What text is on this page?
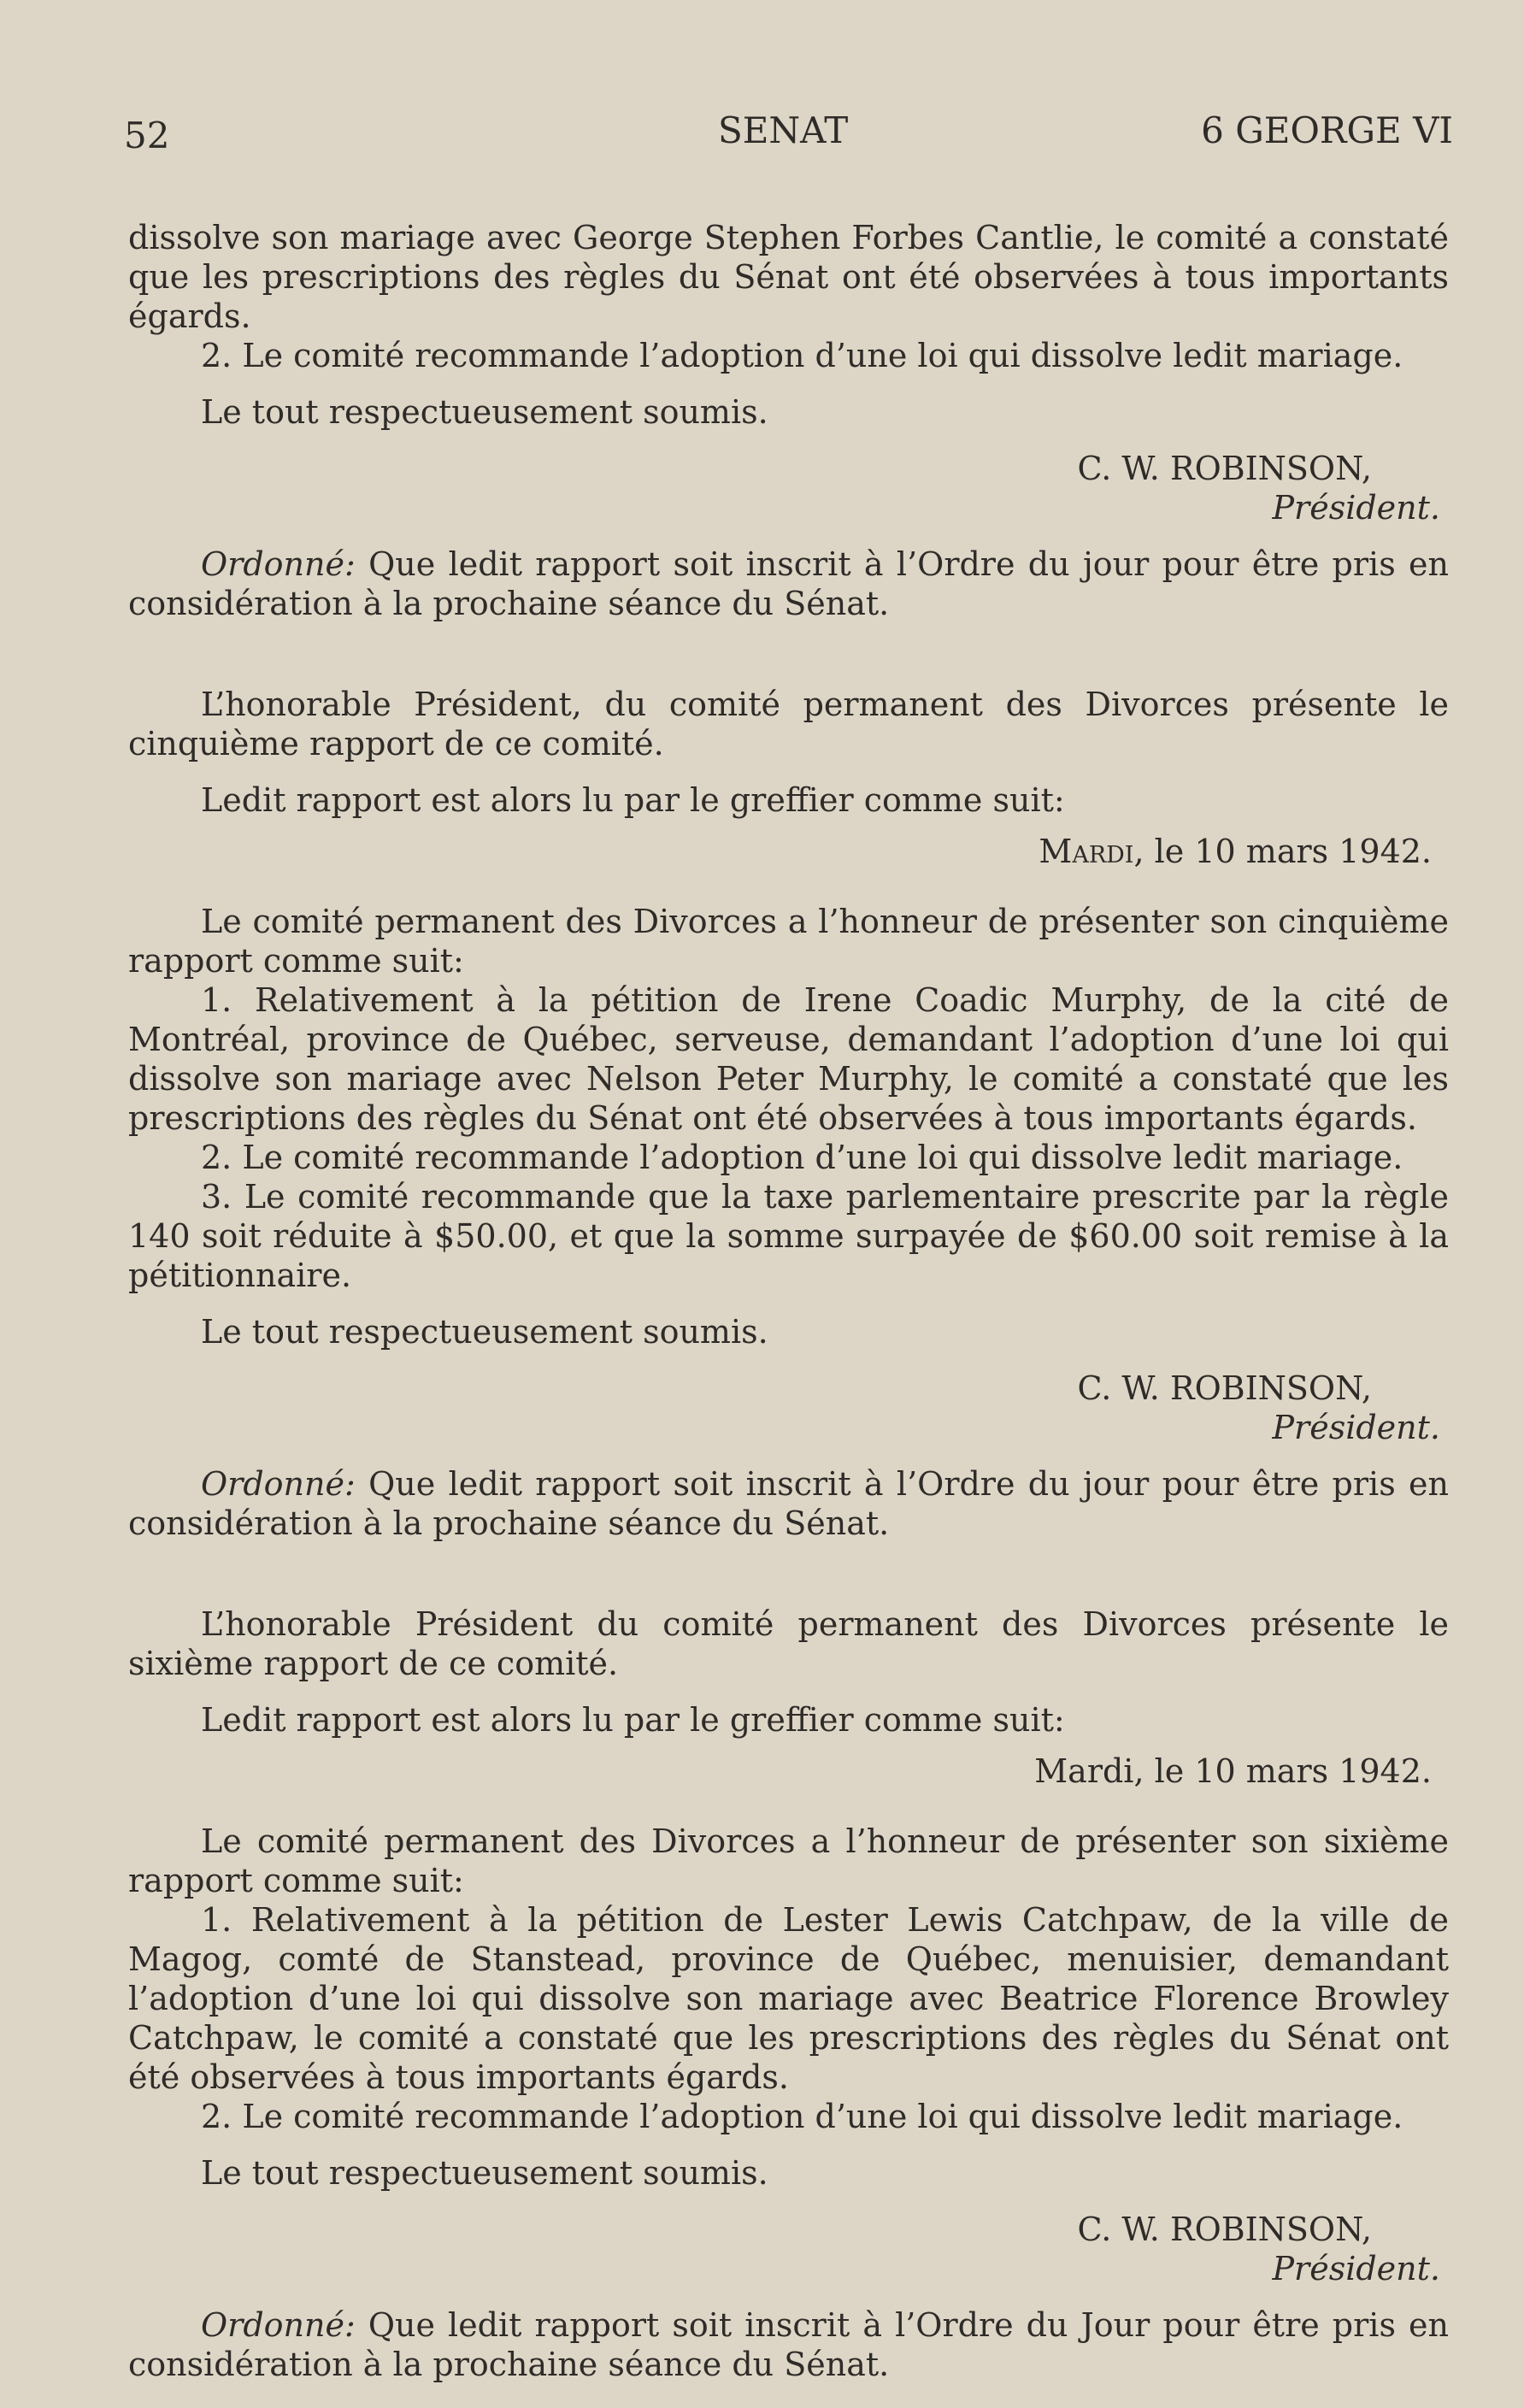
52	SENAT	6 GEORGE VI

dissolve son mariage avec George Stephen Forbes Cantlie, le comité a constaté que les prescriptions des règles du Sénat ont été observées à tous importants égards.

2. Le comité recommande l’adoption d’une loi qui dissolve ledit mariage.

Le tout respectueusement soumis.

C. W. ROBINSON,

Président.

Ordonné: Que ledit rapport soit inscrit à l’Ordre du jour pour être pris en considération à la prochaine séance du Sénat.

L’honorable Président, du comité permanent des Divorces présente le cinquième rapport de ce comité.

Ledit rapport est alors lu par le greffier comme suit:

Mardi, le 10 mars 1942.

Le comité permanent des Divorces a l’honneur de présenter son cinquième rapport comme suit:

1. Relativement à la pétition de Irene Coadic Murphy, de la cité de Montréal, province de Québec, serveuse, demandant l’adoption d’une loi qui dissolve son mariage avec Nelson Peter Murphy, le comité a constaté que les prescriptions des règles du Sénat ont été observées à tous importants égards.

2. Le comité recommande l’adoption d’une loi qui dissolve ledit mariage.

3. Le comité recommande que la taxe parlementaire prescrite par la règle 140 soit réduite à $50.00, et que la somme surpayée de $60.00 soit remise à la pétitionnaire.

Le tout respectueusement soumis.

C. W. ROBINSON,

Président.

Ordonné: Que ledit rapport soit inscrit à l’Ordre du jour pour être pris en considération à la prochaine séance du Sénat.

L’honorable Président du comité permanent des Divorces présente le sixième rapport de ce comité.

Ledit rapport est alors lu par le greffier comme suit:

Mardi, le 10 mars 1942.

Le comité permanent des Divorces a l’honneur de présenter son sixième rapport comme suit:

1. Relativement à la pétition de Lester Lewis Catchpaw, de la ville de Magog, comté de Stanstead, province de Québec, menuisier, demandant l’adoption d’une loi qui dissolve son mariage avec Beatrice Florence Browley Catchpaw, le comité a constaté que les prescriptions des règles du Sénat ont été observées à tous importants égards.

2. Le comité recommande l’adoption d’une loi qui dissolve ledit mariage.

Le tout respectueusement soumis.

C. W. ROBINSON,

Président.

Ordonné: Que ledit rapport soit inscrit à l’Ordre du Jour pour être pris en considération à la prochaine séance du Sénat.
